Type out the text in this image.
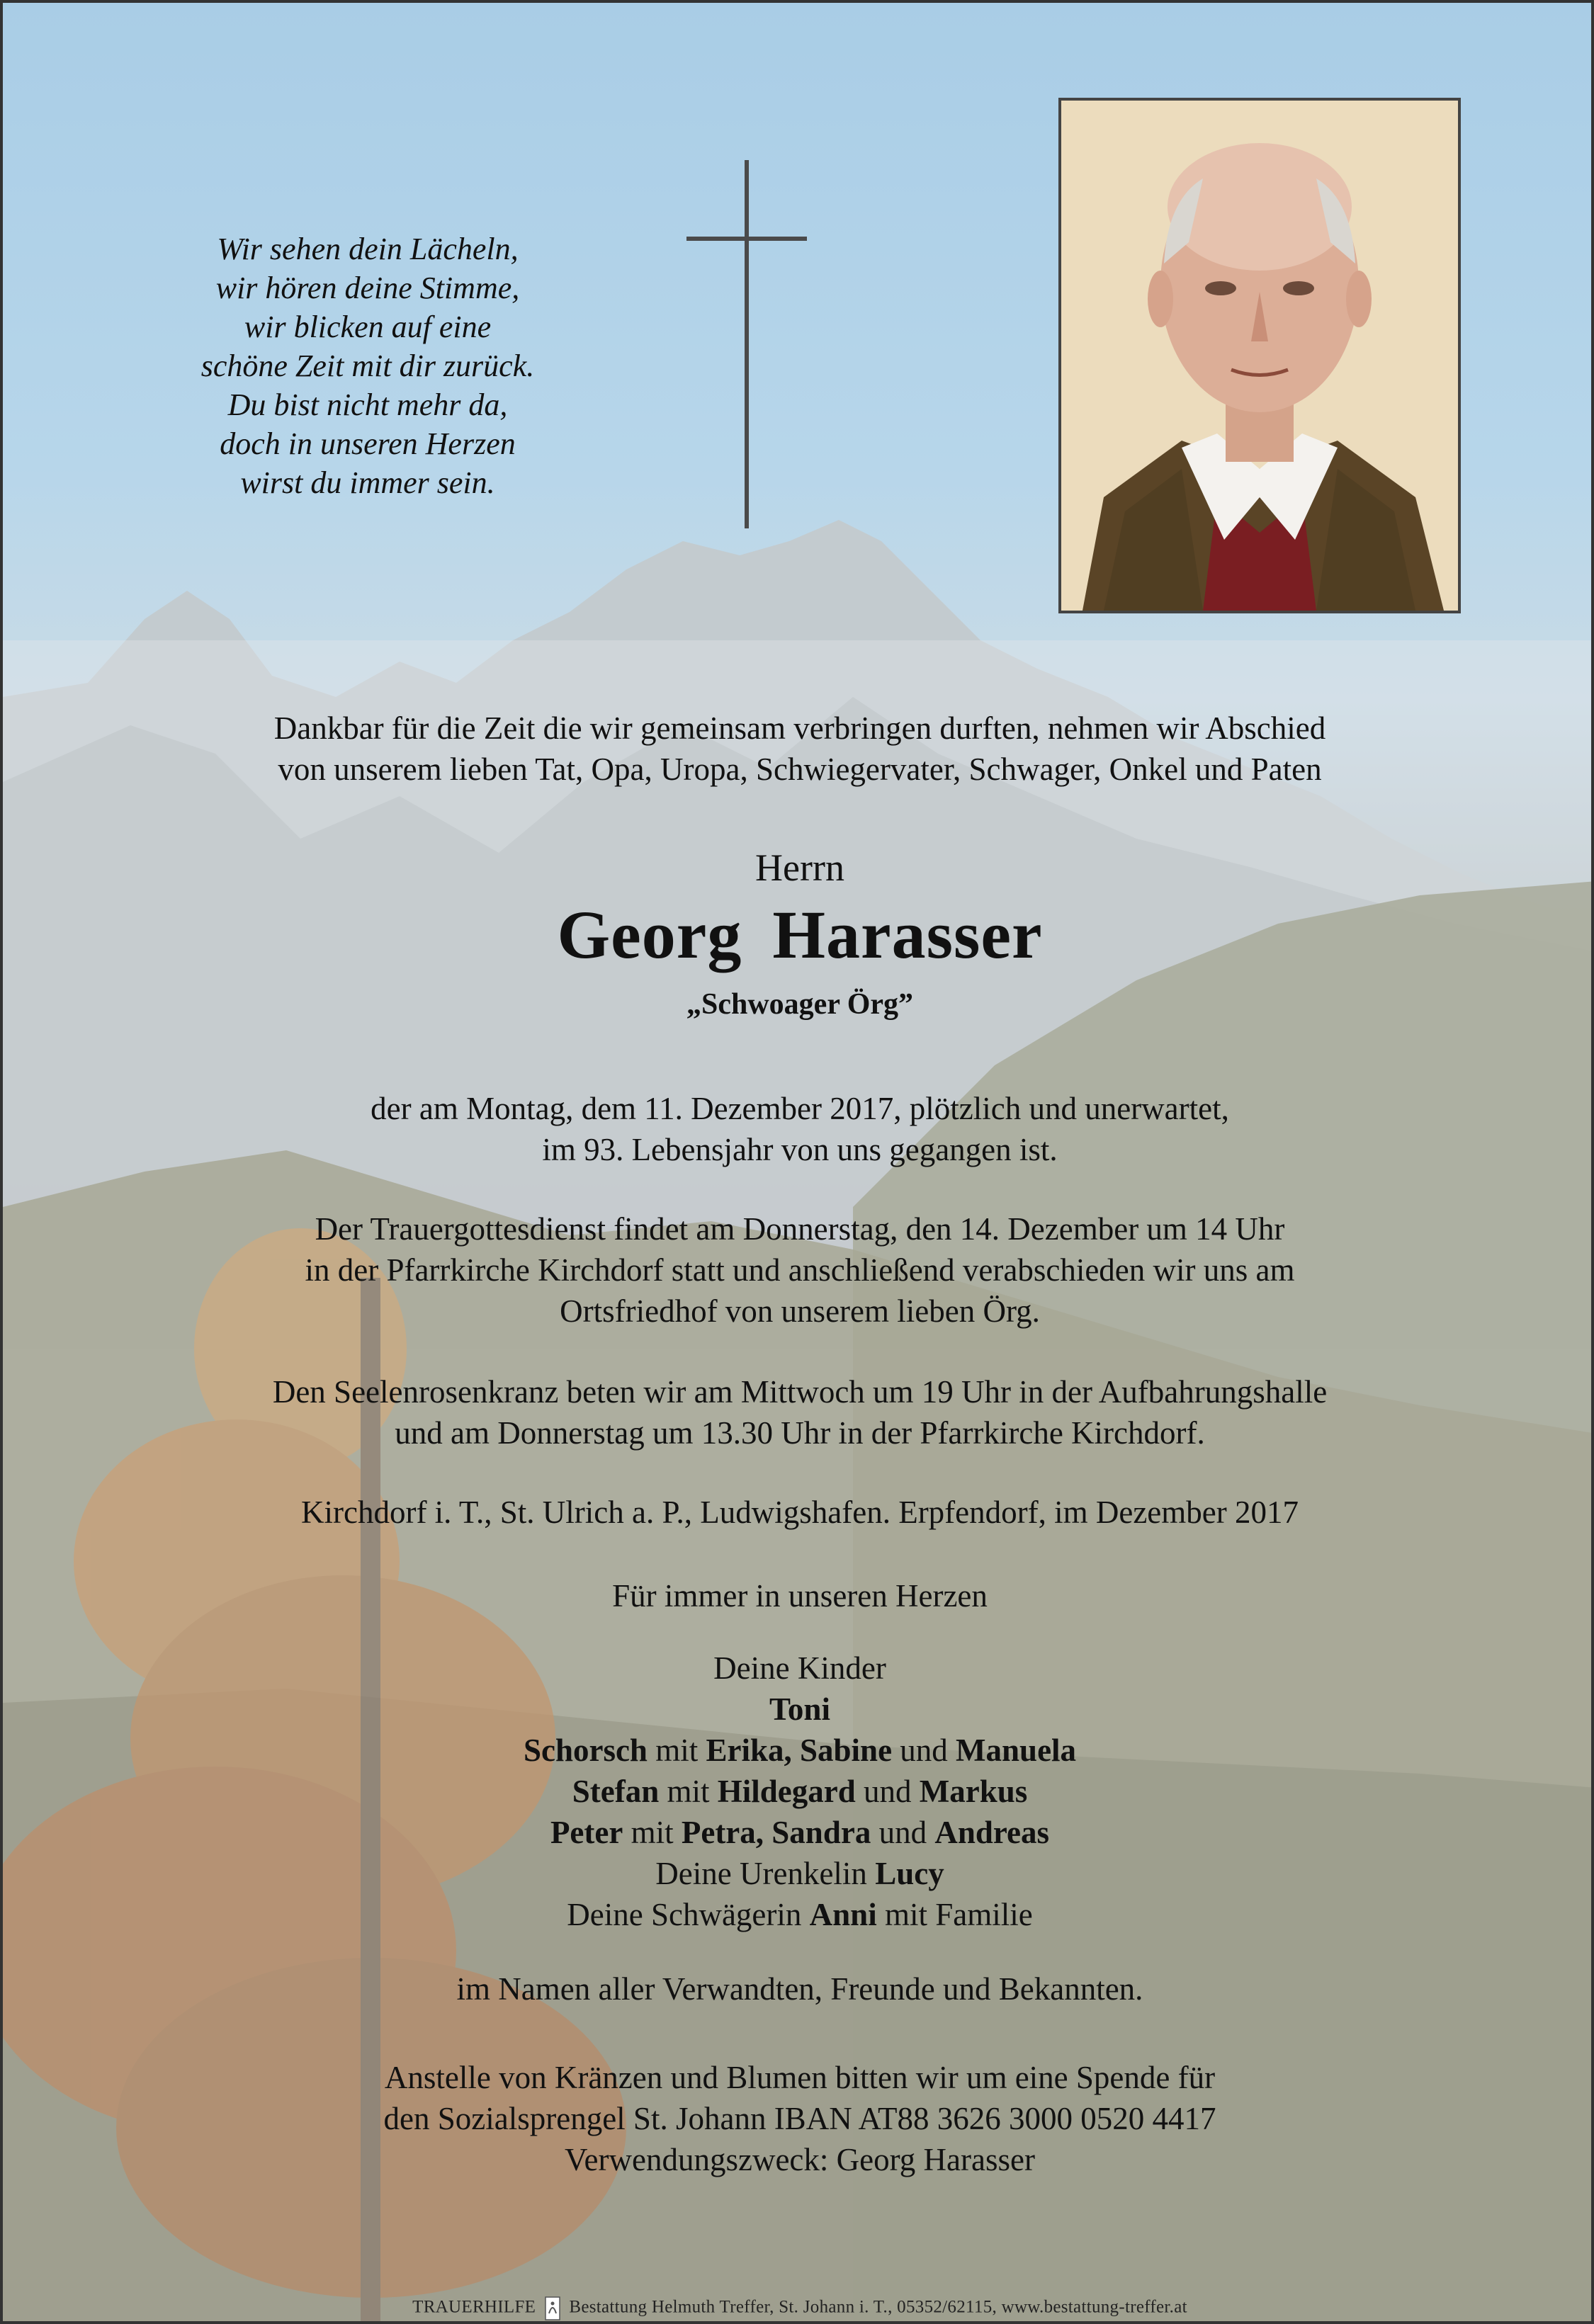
Wir sehen dein Lächeln,
wir hören deine Stimme,
wir blicken auf eine
schöne Zeit mit dir zurück.
Du bist nicht mehr da,
doch in unseren Herzen
wirst du immer sein.
Dankbar für die Zeit die wir gemeinsam verbringen durften, nehmen wir Abschied
von unserem lieben Tat, Opa, Uropa, Schwiegervater, Schwager, Onkel und Paten
Herrn
Georg Harasser
„Schwoager Örg”
der am Montag, dem 11. Dezember 2017, plötzlich und unerwartet,
im 93. Lebensjahr von uns gegangen ist.
Der Trauergottesdienst findet am Donnerstag, den 14. Dezember um 14 Uhr
in der Pfarrkirche Kirchdorf statt und anschließend verabschieden wir uns am
Ortsfriedhof von unserem lieben Örg.
Den Seelenrosenkranz beten wir am Mittwoch um 19 Uhr in der Aufbahrungshalle
und am Donnerstag um 13.30 Uhr in der Pfarrkirche Kirchdorf.
Kirchdorf i. T., St. Ulrich a. P., Ludwigshafen. Erpfendorf, im Dezember 2017
Für immer in unseren Herzen
Deine Kinder
Toni
Schorsch mit Erika, Sabine und Manuela
Stefan mit Hildegard und Markus
Peter mit Petra, Sandra und Andreas
Deine Urenkelin Lucy
Deine Schwägerin Anni mit Familie
im Namen aller Verwandten, Freunde und Bekannten.
Anstelle von Kränzen und Blumen bitten wir um eine Spende für
den Sozialsprengel St. Johann IBAN AT88 3626 3000 0520 4417
Verwendungszweck: Georg Harasser
TRAUERHILFE Bestattung Helmuth Treffer, St. Johann i. T., 05352/62115, www.bestattung-treffer.at
